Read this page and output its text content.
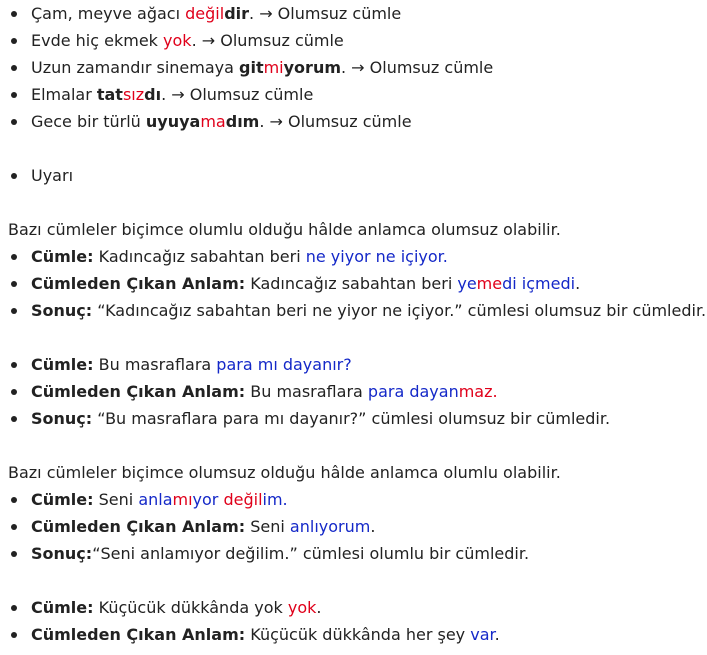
Çam, meyve ağacı değildir. → Olumsuz cümle
Evde hiç ekmek yok. → Olumsuz cümle
Uzun zamandır sinemaya gitmiyorum. → Olumsuz cümle
Elmalar tatsızdı. → Olumsuz cümle
Gece bir türlü uyuyamadım. → Olumsuz cümle
Uyarı
Bazı cümleler biçimce olumlu olduğu hâlde anlamca olumsuz olabilir.
Cümle: Kadıncağız sabahtan beri ne yiyor ne içiyor.
Cümleden Çıkan Anlam: Kadıncağız sabahtan beri yemedi içmedi.
Sonuç: “Kadıncağız sabahtan beri ne yiyor ne içiyor.” cümlesi olumsuz bir cümledir.
Cümle: Bu masraflara para mı dayanır?
Cümleden Çıkan Anlam: Bu masraflara para dayanmaz.
Sonuç: “Bu masraflara para mı dayanır?” cümlesi olumsuz bir cümledir.
Bazı cümleler biçimce olumsuz olduğu hâlde anlamca olumlu olabilir.
Cümle: Seni anlamıyor değilim.
Cümleden Çıkan Anlam: Seni anlıyorum.
Sonuç:“Seni anlamıyor değilim.” cümlesi olumlu bir cümledir.
Cümle: Küçücük dükkânda yok yok.
Cümleden Çıkan Anlam: Küçücük dükkânda her şey var.
